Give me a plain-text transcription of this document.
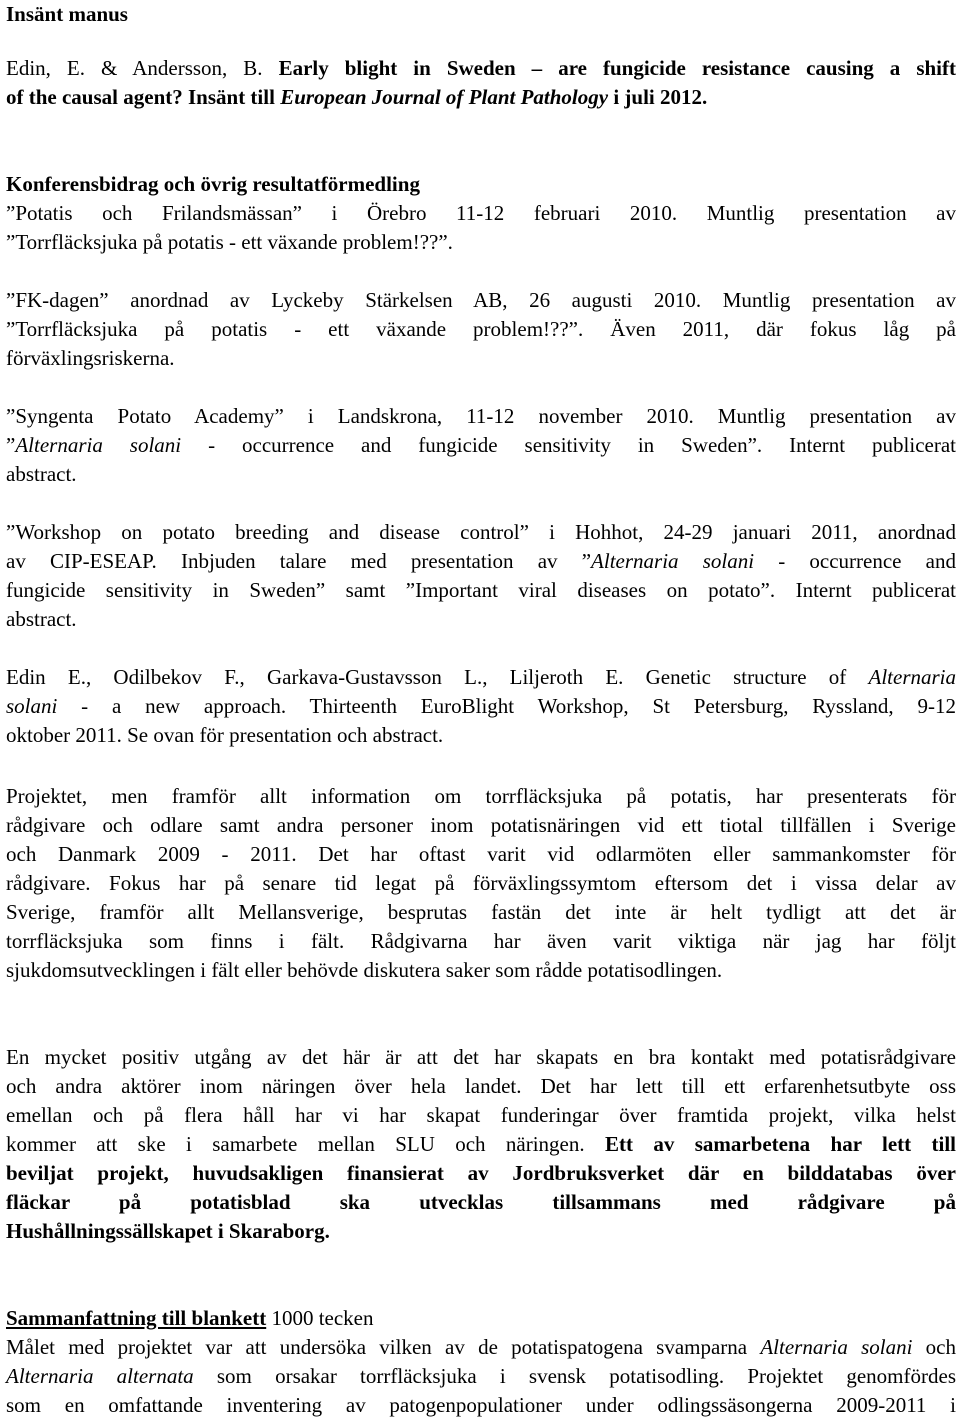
Insänt manus
Edin, E. & Andersson, B. Early blight in Sweden – are fungicide resistance causing a shift
of the causal agent? Insänt till European Journal of Plant Pathology i juli 2012.
Konferensbidrag och övrig resultatförmedling
”Potatis och Frilandsmässan” i Örebro 11-12 februari 2010. Muntlig presentation av
”Torrfläcksjuka på potatis - ett växande problem!??”.
”FK-dagen” anordnad av Lyckeby Stärkelsen AB, 26 augusti 2010. Muntlig presentation av
”Torrfläcksjuka på potatis - ett växande problem!??”. Även 2011, där fokus låg på
förväxlingsriskerna.
”Syngenta Potato Academy” i Landskrona, 11-12 november 2010. Muntlig presentation av
”Alternaria solani - occurrence and fungicide sensitivity in Sweden”. Internt publicerat
abstract.
”Workshop on potato breeding and disease control” i Hohhot, 24-29 januari 2011, anordnad
av CIP-ESEAP. Inbjuden talare med presentation av ”Alternaria solani - occurrence and
fungicide sensitivity in Sweden” samt ”Important viral diseases on potato”. Internt publicerat
abstract.
Edin E., Odilbekov F., Garkava-Gustavsson L., Liljeroth E. Genetic structure of Alternaria
solani - a new approach. Thirteenth EuroBlight Workshop, St Petersburg, Ryssland, 9-12
oktober 2011. Se ovan för presentation och abstract.
Projektet, men framför allt information om torrfläcksjuka på potatis, har presenterats för
rådgivare och odlare samt andra personer inom potatisnäringen vid ett tiotal tillfällen i Sverige
och Danmark 2009 - 2011. Det har oftast varit vid odlarmöten eller sammankomster för
rådgivare. Fokus har på senare tid legat på förväxlingssymtom eftersom det i vissa delar av
Sverige, framför allt Mellansverige, besprutas fastän det inte är helt tydligt att det är
torrfläcksjuka som finns i fält. Rådgivarna har även varit viktiga när jag har följt
sjukdomsutvecklingen i fält eller behövde diskutera saker som rådde potatisodlingen.
En mycket positiv utgång av det här är att det har skapats en bra kontakt med potatisrådgivare
och andra aktörer inom näringen över hela landet. Det har lett till ett erfarenhetsutbyte oss
emellan och på flera håll har vi har skapat funderingar över framtida projekt, vilka helst
kommer att ske i samarbete mellan SLU och näringen. Ett av samarbetena har lett till
beviljat projekt, huvudsakligen finansierat av Jordbruksverket där en bilddatabas över
fläckar på potatisblad ska utvecklas tillsammans med rådgivare på
Hushållningssällskapet i Skaraborg.
Sammanfattning till blankett 1000 tecken
Målet med projektet var att undersöka vilken av de potatispatogena svamparna Alternaria solani och
Alternaria alternata som orsakar torrfläcksjuka i svensk potatisodling. Projektet genomfördes
som en omfattande inventering av patogenpopulationer under odlingssäsongerna 2009-2011 i
